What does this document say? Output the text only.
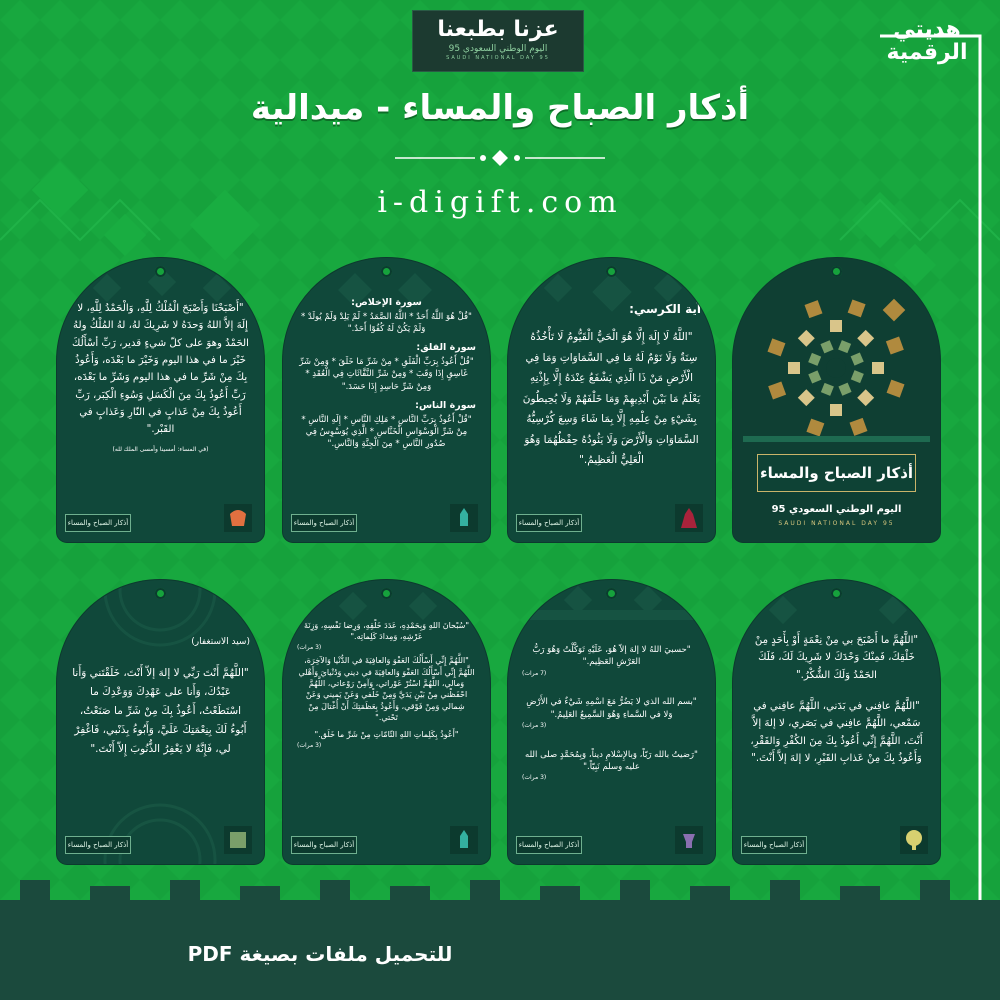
عزنا بطبعنا
اليوم الوطني السعودي 95
SAUDI NATIONAL DAY 95
هديتي
الرقمية
أذكار الصباح والمساء - ميدالية
i-digift.com
أذكار الصباح والمساء
اليوم الوطني السعودي 95
SAUDI NATIONAL DAY 95

آية الكرسي:

"اللَّهُ لَا إِلَهَ إِلَّا هُوَ الْحَيُّ الْقَيُّومُ لَا تَأْخُذُهُ سِنَةٌ وَلَا نَوْمٌ لَهُ مَا فِي السَّمَاوَاتِ وَمَا فِي الْأَرْضِ مَنْ ذَا الَّذِي يَشْفَعُ عِنْدَهُ إِلَّا بِإِذْنِهِ يَعْلَمُ مَا بَيْنَ أَيْدِيهِمْ وَمَا خَلْفَهُمْ وَلَا يُحِيطُونَ بِشَيْءٍ مِنْ عِلْمِهِ إِلَّا بِمَا شَاءَ وَسِعَ كُرْسِيُّهُ السَّمَاوَاتِ وَالْأَرْضَ وَلَا يَئُودُهُ حِفْظُهُمَا وَهُوَ الْعَلِيُّ الْعَظِيمُ."

أذكار الصباح والمساء

سورة الإخلاص:

"قُلْ هُوَ اللَّهُ أَحَدٌ * اللَّهُ الصَّمَدُ * لَمْ يَلِدْ وَلَمْ يُولَدْ * وَلَمْ يَكُنْ لَهُ كُفُوًا أَحَدٌ."

سورة الفلق:

"قُلْ أَعُوذُ بِرَبِّ الْفَلَقِ * مِنْ شَرِّ مَا خَلَقَ * وَمِنْ شَرِّ غَاسِقٍ إِذَا وَقَبَ * وَمِنْ شَرِّ النَّفَّاثَاتِ فِي الْعُقَدِ * وَمِنْ شَرِّ حَاسِدٍ إِذَا حَسَدَ."

سورة الناس:

"قُلْ أَعُوذُ بِرَبِّ النَّاسِ * مَلِكِ النَّاسِ * إِلَهِ النَّاسِ * مِنْ شَرِّ الْوَسْوَاسِ الْخَنَّاسِ * الَّذِي يُوَسْوِسُ فِي صُدُورِ النَّاسِ * مِنَ الْجِنَّةِ وَالنَّاسِ."

أذكار الصباح والمساء

"أَصْبَحْنَا وَأَصْبَحَ الْمُلْكُ لِلَّهِ، وَالْحَمْدُ لِلَّهِ، لا إِلَهَ إلاَّ اللهُ وَحدَهُ لا شَرِيكَ لهُ، لهُ المُلْكُ ولهُ الحَمْدُ وهوَ على كلّ شيءٍ قدير، رَبِّ أسْأَلُكَ خَيْرَ ما في هذا اليوم وَخَيْرَ ما بَعْدَه، وَأَعُوذُ بِكَ مِنْ شَرِّ ما في هذا اليوم وَشَرِّ ما بَعْدَه، رَبِّ أَعُوذُ بِكَ مِنَ الْكَسَلِ وَسُوءِ الْكِبَر، رَبِّ أَعُوذُ بِكَ مِنْ عَذابٍ في النّارِ وَعَذابٍ في القَبْر."

(في المساء: أمسينا وأمسى الملك لله)

أذكار الصباح والمساء

"اللَّهُمَّ ما أَصْبَحَ بي مِنْ نِعْمَةٍ أَوْ بِأَحَدٍ مِنْ خَلْقِكَ، فَمِنْكَ وَحْدَكَ لا شَرِيكَ لَكَ، فَلَكَ الحَمْدُ وَلَكَ الشُّكْرُ."

"اللَّهُمَّ عافِني في بَدَني، اللَّهُمَّ عافِني في سَمْعي، اللَّهُمَّ عافِني في بَصَري، لا إلهَ إلاَّ أَنْتَ، اللَّهُمَّ إِنِّي أَعُوذُ بِكَ مِنَ الكُفْرِ وَالفَقْرِ، وَأَعُوذُ بِكَ مِنْ عَذابِ القَبْرِ، لا إلهَ إلاَّ أَنْتَ."

أذكار الصباح والمساء

"حسبيَ اللهُ لا إلهَ إلاّ هُوَ، عَلَيْهِ تَوَكَّلْتُ وَهُوَ رَبُّ العَرْشِ العَظِيم."

(7 مرات)

"بسم الله الذي لا يَضُرُّ مَعَ اسْمِهِ شَيْءٌ في الأَرْضِ وَلا في السَّماءِ وَهُوَ السَّمِيعُ العَلِيمُ."

(3 مرات)

"رَضيتُ بالله رَبّاً، وَبالإِسْلامِ ديناً، وَبِمُحَمَّدٍ صلى الله عليه وسلم نَبِيّاً."

(3 مرات)

أذكار الصباح والمساء

"سُبْحانَ اللهِ وَبِحَمْدِهِ، عَدَدَ خَلْقِهِ، وَرِضا نَفْسِهِ، وَزِنَةَ عَرْشِهِ، وَمِدادَ كَلِماتِه."

(3 مرات)

"اللَّهُمَّ إِنِّي أَسْأَلُكَ العَفْوَ وَالعافِيَةَ في الدُّنْيا وَالآخِرَة، اللَّهُمَّ إِنِّي أَسْأَلُكَ العَفْوَ وَالعافِيَةَ في ديني وَدُنْيايَ وَأَهْلي وَمالي، اللَّهُمَّ اسْتُرْ عَوْراتي، وَآمِنْ رَوْعاتي، اللَّهُمَّ احْفَظْني مِنْ بَيْنِ يَدَيَّ وَمِنْ خَلْفي وَعَنْ يَميني وَعَنْ شِمالي وَمِنْ فَوْقي، وَأَعُوذُ بِعَظَمَتِكَ أَنْ أُغْتالَ مِنْ تَحْتي."

"أَعُوذُ بِكَلِماتِ اللهِ التّامّاتِ مِنْ شَرِّ ما خَلَق."

(3 مرات)

أذكار الصباح والمساء

(سيد الاستغفار)

"اللَّهُمَّ أَنْتَ رَبِّي لا إلهَ إلاّ أَنْتَ، خَلَقْتَني وَأَنا عَبْدُكَ، وَأَنا على عَهْدِكَ وَوَعْدِكَ ما اسْتَطَعْتُ، أَعُوذُ بِكَ مِنْ شَرِّ ما صَنَعْتُ، أَبُوءُ لَكَ بِنِعْمَتِكَ عَلَيَّ، وَأَبُوءُ بِذَنْبي، فَاغْفِرْ لي، فَإِنَّهُ لا يَغْفِرُ الذُّنُوبَ إِلاّ أَنْتَ."

أذكار الصباح والمساء
للتحميل ملفات بصيغة PDF
